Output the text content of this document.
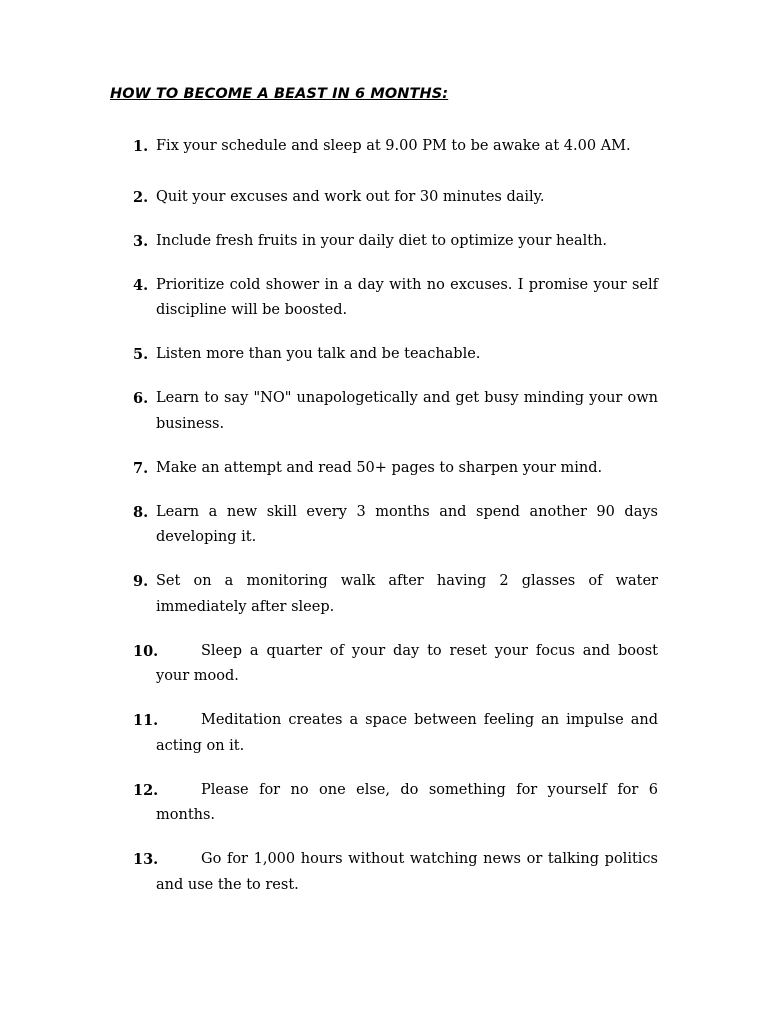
HOW TO BECOME A BEAST IN 6 MONTHS:
1. Fix your schedule and sleep at 9.00 PM to be awake at 4.00 AM.
2. Quit your excuses and work out for 30 minutes daily.
3. Include fresh fruits in your daily diet to optimize your health.
4. Prioritize cold shower in a day with no excuses. I promise your self discipline will be boosted.
5. Listen more than you talk and be teachable.
6. Learn to say "NO" unapologetically and get busy minding your own business.
7. Make an attempt and read 50+ pages to sharpen your mind.
8. Learn a new skill every 3 months and spend another 90 days developing it.
9. Set on a monitoring walk after having 2 glasses of water immediately after sleep.
10.	Sleep a quarter of your day to reset your focus and boost your mood.
11.	Meditation creates a space between feeling an impulse and acting on it.
12.	Please for no one else, do something for yourself for 6 months.
13.	Go for 1,000 hours without watching news or talking politics and use the to rest.
